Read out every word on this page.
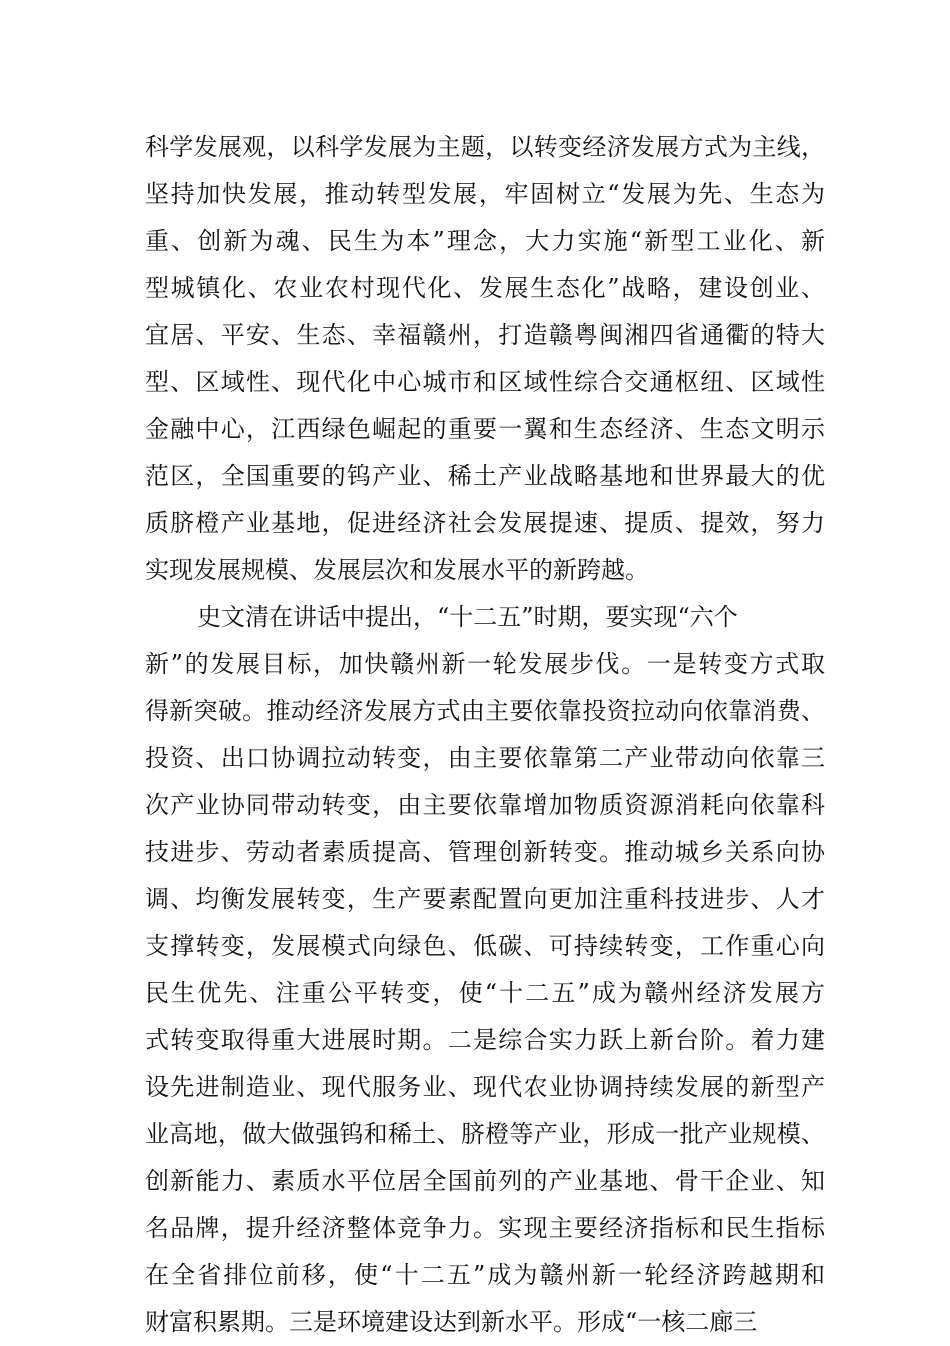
科学发展观，以科学发展为主题，以转变经济发展方式为主线，
坚持加快发展，推动转型发展，牢固树立“发展为先、生态为
重、创新为魂、民生为本”理念，大力实施“新型工业化、新
型城镇化、农业农村现代化、发展生态化”战略，建设创业、
宜居、平安、生态、幸福赣州，打造赣粤闽湘四省通衢的特大
型、区域性、现代化中心城市和区域性综合交通枢纽、区域性
金融中心，江西绿色崛起的重要一翼和生态经济、生态文明示
范区，全国重要的钨产业、稀土产业战略基地和世界最大的优
质脐橙产业基地，促进经济社会发展提速、提质、提效，努力
实现发展规模、发展层次和发展水平的新跨越。
史文清在讲话中提出，“十二五”时期，要实现“六个
新”的发展目标，加快赣州新一轮发展步伐。一是转变方式取
得新突破。推动经济发展方式由主要依靠投资拉动向依靠消费、
投资、出口协调拉动转变，由主要依靠第二产业带动向依靠三
次产业协同带动转变，由主要依靠增加物质资源消耗向依靠科
技进步、劳动者素质提高、管理创新转变。推动城乡关系向协
调、均衡发展转变，生产要素配置向更加注重科技进步、人才
支撑转变，发展模式向绿色、低碳、可持续转变，工作重心向
民生优先、注重公平转变，使“十二五”成为赣州经济发展方
式转变取得重大进展时期。二是综合实力跃上新台阶。着力建
设先进制造业、现代服务业、现代农业协调持续发展的新型产
业高地，做大做强钨和稀土、脐橙等产业，形成一批产业规模、
创新能力、素质水平位居全国前列的产业基地、骨干企业、知
名品牌，提升经济整体竞争力。实现主要经济指标和民生指标
在全省排位前移，使“十二五”成为赣州新一轮经济跨越期和
财富积累期。三是环境建设达到新水平。形成“一核二廊三
